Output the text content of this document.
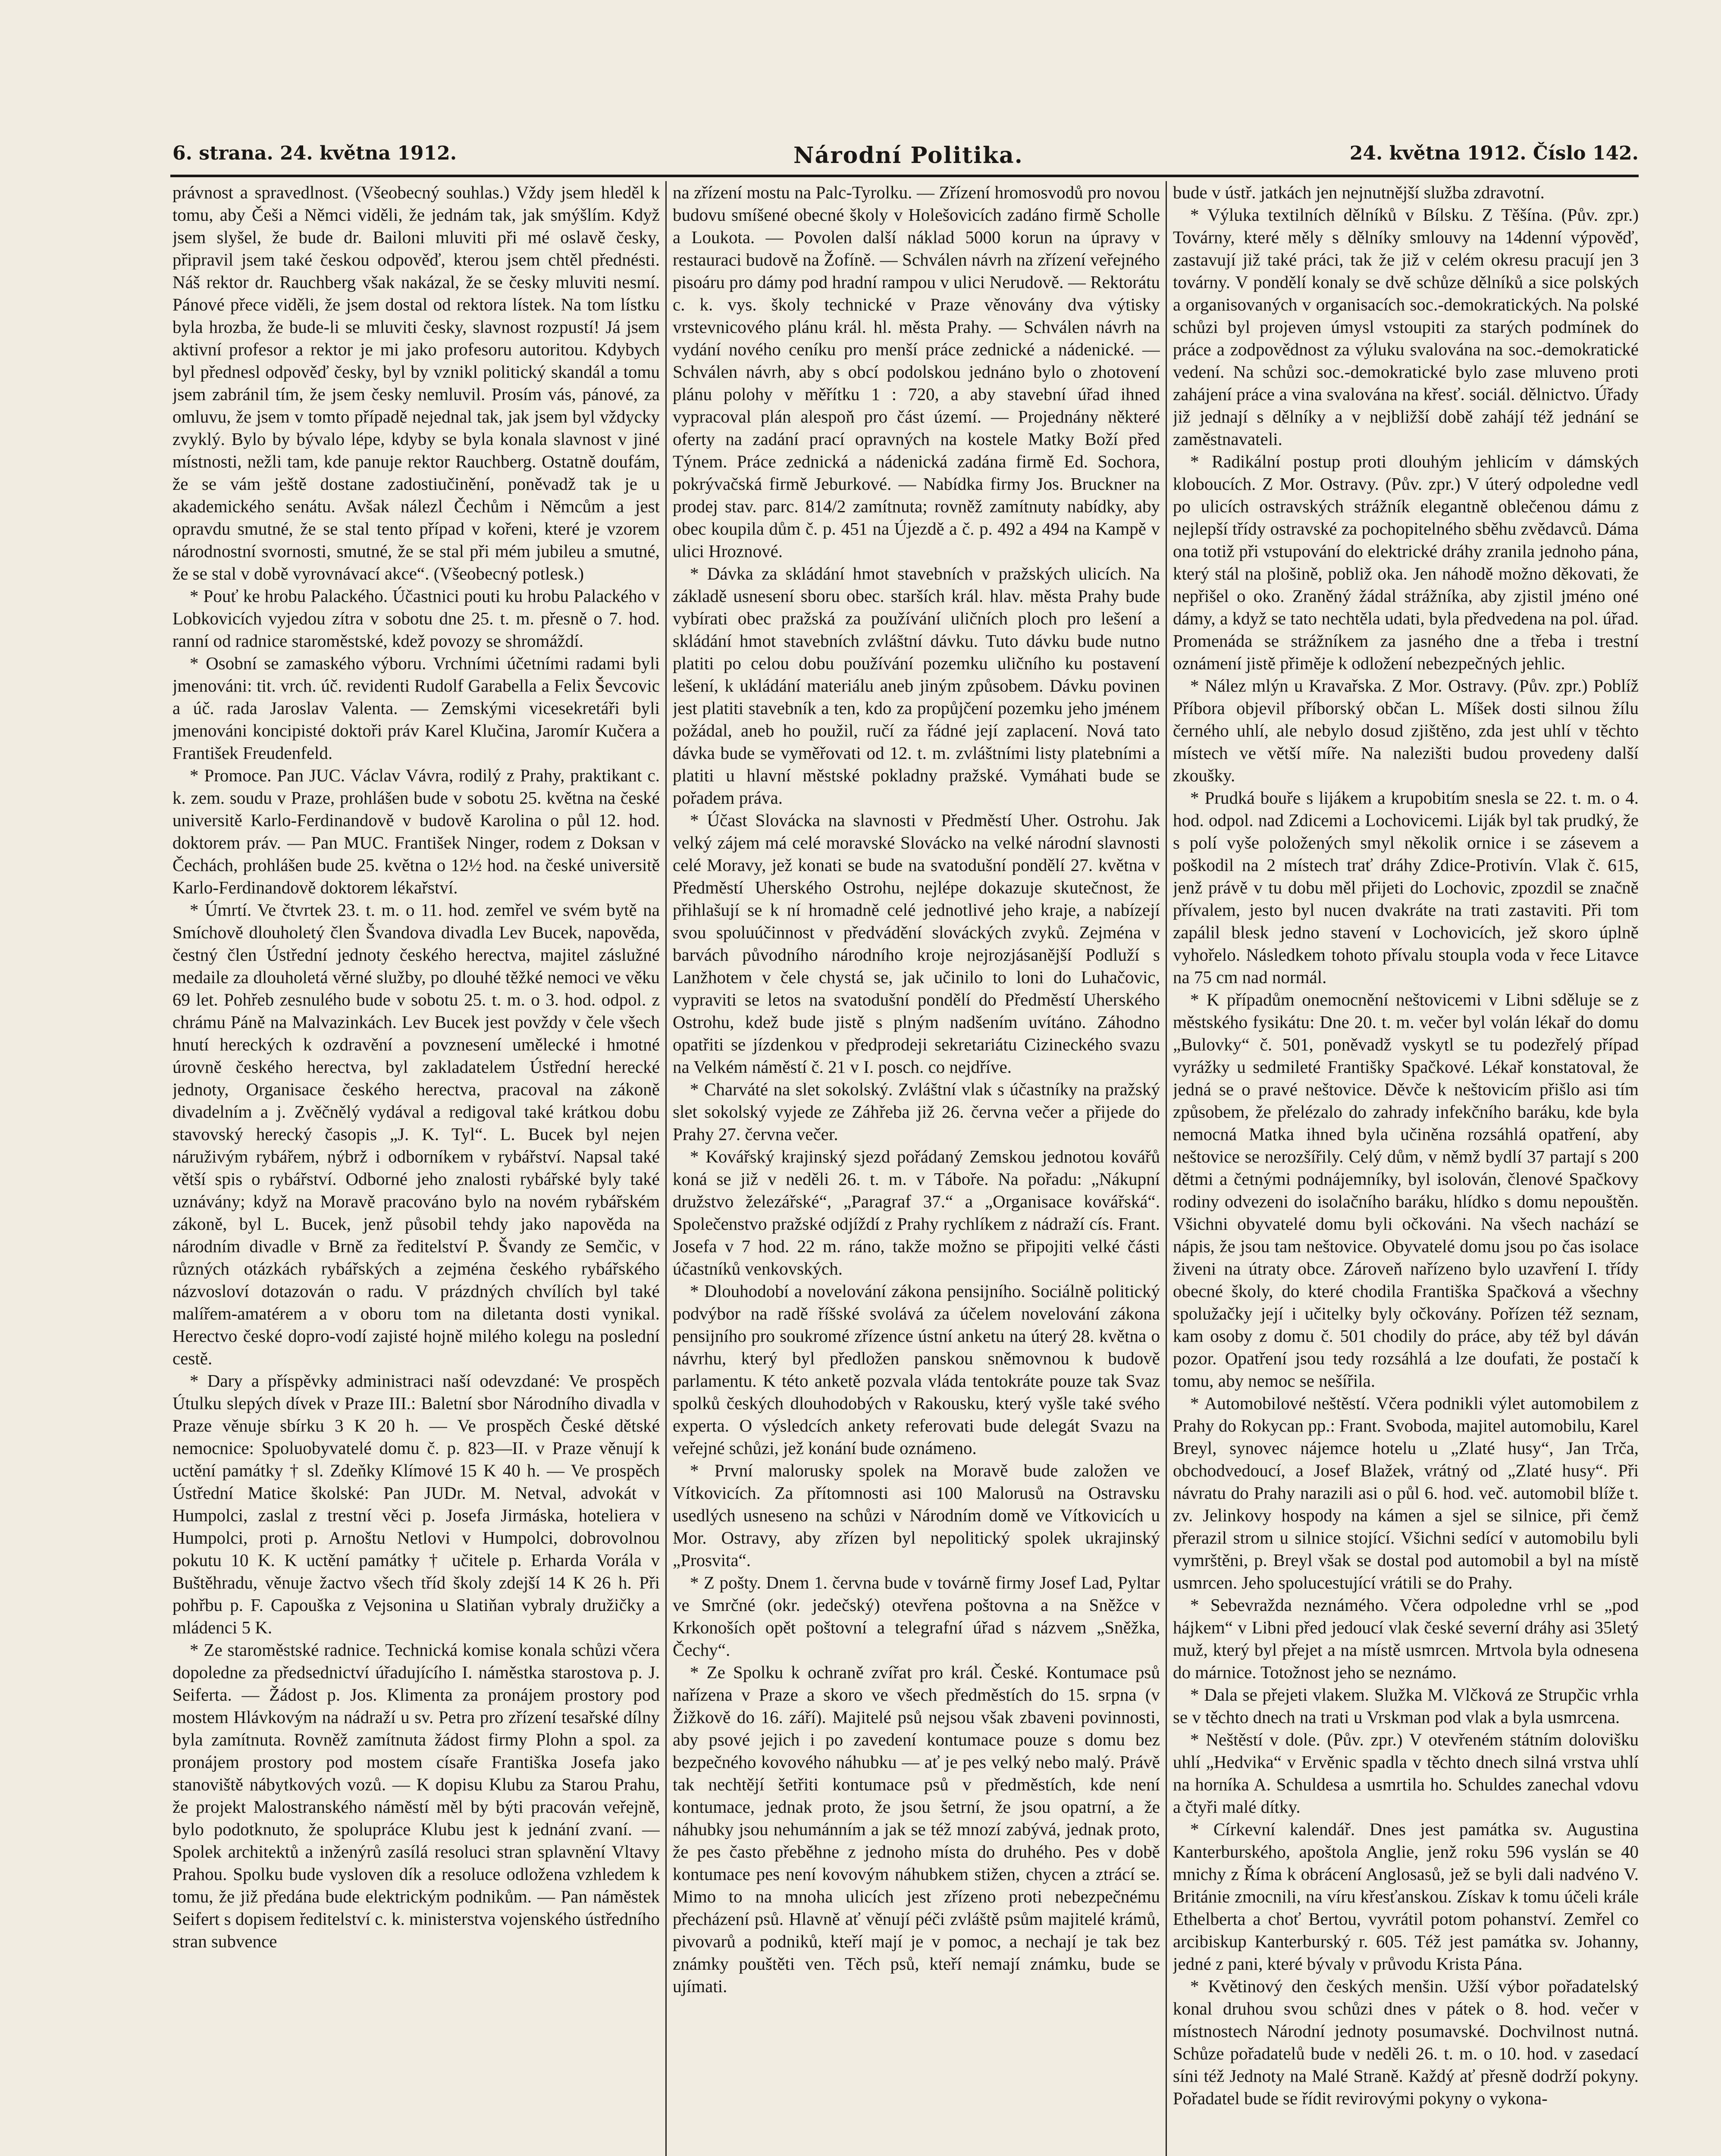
6. strana. 24. května 1912.	Národní Politika.	24. května 1912. Číslo 142.

právnost a spravedlnost. (Všeobecný souhlas.) Vždy jsem hleděl k tomu, aby Češi a Němci viděli, že jednám tak, jak smýšlím. Když jsem slyšel, že bude dr. Bailoni mluviti při mé oslavě česky, připravil jsem také českou odpověď, kterou jsem chtěl přednésti. Náš rektor dr. Rauchberg však nakázal, že se česky mluviti nesmí. Pánové přece viděli, že jsem dostal od rektora lístek. Na tom lístku byla hrozba, že bude-li se mluviti česky, slavnost rozpustí! Já jsem aktivní profesor a rektor je mi jako profesoru autoritou. Kdybych byl přednesl odpověď česky, byl by vznikl politický skandál a tomu jsem zabránil tím, že jsem česky nemluvil. Prosím vás, pánové, za omluvu, že jsem v tomto případě nejednal tak, jak jsem byl vždycky zvyklý. Bylo by bývalo lépe, kdyby se byla konala slavnost v jiné místnosti, nežli tam, kde panuje rektor Rauchberg. Ostatně doufám, že se vám ještě dostane zadostiučinění, poněvadž tak je u akademického senátu. Avšak nálezl Čechům i Němcům a jest opravdu smutné, že se stal tento případ v kořeni, které je vzorem národnostní svornosti, smutné, že se stal při mém jubileu a smutné, že se stal v době vyrovnávací akce“. (Všeobecný potlesk.)

* Pouť ke hrobu Palackého. Účastnici pouti ku hrobu Palackého v Lobkovicích vyjedou zítra v sobotu dne 25. t. m. přesně o 7. hod. ranní od radnice staroměstské, kdež povozy se shromáždí.

* Osobní se zamaského výboru. Vrchními účetními radami byli jmenováni: tit. vrch. úč. revidenti Rudolf Garabella a Felix Ševcovic a úč. rada Jaroslav Valenta. — Zemskými vicesekretáři byli jmenováni koncipisté doktoři práv Karel Klučina, Jaromír Kučera a František Freudenfeld.

* Promoce. Pan JUC. Václav Vávra, rodilý z Prahy, praktikant c. k. zem. soudu v Praze, prohlášen bude v sobotu 25. května na české universitě Karlo-Ferdinandově v budově Karolina o půl 12. hod. doktorem práv. — Pan MUC. František Ninger, rodem z Doksan v Čechách, prohlášen bude 25. května o 12½ hod. na české universitě Karlo-Ferdinandově doktorem lékařství.

* Úmrtí. Ve čtvrtek 23. t. m. o 11. hod. zemřel ve svém bytě na Smíchově dlouholetý člen Švandova divadla Lev Bucek, napověda, čestný člen Ústřední jednoty českého herectva, majitel záslužné medaile za dlouholetá věrné služby, po dlouhé těžké nemoci ve věku 69 let. Pohřeb zesnulého bude v sobotu 25. t. m. o 3. hod. odpol. z chrámu Páně na Malvazinkách. Lev Bucek jest povždy v čele všech hnutí hereckých k ozdravění a povznesení umělecké i hmotné úrovně českého herectva, byl zakladatelem Ústřední herecké jednoty, Organisace českého herectva, pracoval na zákoně divadelním a j. Zvěčnělý vydával a redigoval také krátkou dobu stavovský herecký časopis „J. K. Tyl“. L. Bucek byl nejen náruživým rybářem, nýbrž i odborníkem v rybářství. Napsal také větší spis o rybářství. Odborné jeho znalosti rybářské byly také uznávány; když na Moravě pracováno bylo na novém rybářském zákoně, byl L. Bucek, jenž působil tehdy jako napověda na národním divadle v Brně za ředitelství P. Švandy ze Semčic, v různých otázkách rybářských a zejména českého rybářského názvosloví dotazován o radu. V prázdných chvílích byl také malířem-amatérem a v oboru tom na diletanta dosti vynikal. Herectvo české dopro-vodí zajisté hojně milého kolegu na poslední cestě.

* Dary a příspěvky administraci naší odevzdané: Ve prospěch Útulku slepých dívek v Praze III.: Baletní sbor Národního divadla v Praze věnuje sbírku 3 K 20 h. — Ve prospěch České dětské nemocnice: Spoluobyvatelé domu č. p. 823—II. v Praze věnují k uctění památky † sl. Zdeňky Klímové 15 K 40 h. — Ve prospěch Ústřední Matice školské: Pan JUDr. M. Netval, advokát v Humpolci, zaslal z trestní věci p. Josefa Jirmáska, hoteliera v Humpolci, proti p. Arnoštu Netlovi v Humpolci, dobrovolnou pokutu 10 K. K uctění památky † učitele p. Erharda Vorála v Buštěhradu, věnuje žactvo všech tříd školy zdejší 14 K 26 h. Při pohřbu p. F. Capouška z Vejsonina u Slatiňan vybraly družičky a mládenci 5 K.

* Ze staroměstské radnice. Technická komise konala schůzi včera dopoledne za předsednictví úřadujícího I. náměstka starostova p. J. Seiferta. — Žádost p. Jos. Klimenta za pronájem prostory pod mostem Hlávkovým na nádraží u sv. Petra pro zřízení tesařské dílny byla zamítnuta. Rovněž zamítnuta žádost firmy Plohn a spol. za pronájem prostory pod mostem císaře Františka Josefa jako stanoviště nábytkových vozů. — K dopisu Klubu za Starou Prahu, že projekt Malostranského náměstí měl by býti pracován veřejně, bylo podotknuto, že spolupráce Klubu jest k jednání zvaní. — Spolek architektů a inženýrů zasílá resoluci stran splavnění Vltavy Prahou. Spolku bude vysloven dík a resoluce odložena vzhledem k tomu, že již předána bude elektrickým podnikům. — Pan náměstek Seifert s dopisem ředitelství c. k. ministerstva vojenského ústředního stran subvence

na zřízení mostu na Palc-Tyrolku. — Zřízení hromosvodů pro novou budovu smíšené obecné školy v Holešovicích zadáno firmě Scholle a Loukota. — Povolen další náklad 5000 korun na úpravy v restauraci budově na Žofíně. — Schválen návrh na zřízení veřejného pisoáru pro dámy pod hradní rampou v ulici Nerudově. — Rektorátu c. k. vys. školy technické v Praze věnovány dva výtisky vrstevnicového plánu král. hl. města Prahy. — Schválen návrh na vydání nového ceníku pro menší práce zednické a nádenické. — Schválen návrh, aby s obcí podolskou jednáno bylo o zhotovení plánu polohy v měřítku 1 : 720, a aby stavební úřad ihned vypracoval plán alespoň pro část území. — Projednány některé oferty na zadání prací opravných na kostele Matky Boží před Týnem. Práce zednická a nádenická zadána firmě Ed. Sochora, pokrývačská firmě Jeburkové. — Nabídka firmy Jos. Bruckner na prodej stav. parc. 814/2 zamítnuta; rovněž zamítnuty nabídky, aby obec koupila dům č. p. 451 na Újezdě a č. p. 492 a 494 na Kampě v ulici Hroznové.

* Dávka za skládání hmot stavebních v pražských ulicích. Na základě usnesení sboru obec. starších král. hlav. města Prahy bude vybírati obec pražská za používání uličních ploch pro lešení a skládání hmot stavebních zvláštní dávku. Tuto dávku bude nutno platiti po celou dobu používání pozemku uličního ku postavení lešení, k ukládání materiálu aneb jiným způsobem. Dávku povinen jest platiti stavebník a ten, kdo za propůjčení pozemku jeho jménem požádal, aneb ho použil, ručí za řádné její zaplacení. Nová tato dávka bude se vyměřovati od 12. t. m. zvláštními listy platebními a platiti u hlavní městské pokladny pražské. Vymáhati bude se pořadem práva.

* Účast Slovácka na slavnosti v Předměstí Uher. Ostrohu. Jak velký zájem má celé moravské Slovácko na velké národní slavnosti celé Moravy, jež konati se bude na svatodušní pondělí 27. května v Předměstí Uherského Ostrohu, nejlépe dokazuje skutečnost, že přihlašují se k ní hromadně celé jednotlivé jeho kraje, a nabízejí svou spoluúčinnost v předvádění slováckých zvyků. Zejména v barvách původního národního kroje nejrozjásanější Podluží s Lanžhotem v čele chystá se, jak učinilo to loni do Luhačovic, vypraviti se letos na svatodušní pondělí do Předměstí Uherského Ostrohu, kdež bude jistě s plným nadšením uvítáno. Záhodno opatřiti se jízdenkou v předprodeji sekretariátu Cizineckého svazu na Velkém náměstí č. 21 v I. posch. co nejdříve.

* Charváté na slet sokolský. Zvláštní vlak s účastníky na pražský slet sokolský vyjede ze Záhřeba již 26. června večer a přijede do Prahy 27. června večer.

* Kovářský krajinský sjezd pořádaný Zemskou jednotou kovářů koná se již v neděli 26. t. m. v Táboře. Na pořadu: „Nákupní družstvo železářské“, „Paragraf 37.“ a „Organisace kovářská“. Společenstvo pražské odjíždí z Prahy rychlíkem z nádraží cís. Frant. Josefa v 7 hod. 22 m. ráno, takže možno se připojiti velké části účastníků venkovských.

* Dlouhodobí a novelování zákona pensijního. Sociálně politický podvýbor na radě říšské svolává za účelem novelování zákona pensijního pro soukromé zřízence ústní anketu na úterý 28. května o návrhu, který byl předložen panskou sněmovnou k budově parlamentu. K této anketě pozvala vláda tentokráte pouze tak Svaz spolků českých dlouhodobých v Rakousku, který vyšle také svého experta. O výsledcích ankety referovati bude delegát Svazu na veřejné schůzi, jež konání bude oznámeno.

* První malorusky spolek na Moravě bude založen ve Vítkovicích. Za přítomnosti asi 100 Malorusů na Ostravsku usedlých usneseno na schůzi v Národním domě ve Vítkovicích u Mor. Ostravy, aby zřízen byl nepolitický spolek ukrajinský „Prosvita“.

* Z pošty. Dnem 1. června bude v továrně firmy Josef Lad, Pyltar ve Smrčné (okr. jedečský) otevřena poštovna a na Sněžce v Krkonoších opět poštovní a telegrafní úřad s názvem „Sněžka, Čechy“.

* Ze Spolku k ochraně zvířat pro král. České. Kontumace psů nařízena v Praze a skoro ve všech předměstích do 15. srpna (v Žižkově do 16. září). Majitelé psů nejsou však zbaveni povinnosti, aby psové jejich i po zavedení kontumace pouze s domu bez bezpečného kovového náhubku — ať je pes velký nebo malý. Právě tak nechtějí šetřiti kontumace psů v předměstích, kde není kontumace, jednak proto, že jsou šetrní, že jsou opatrní, a že náhubky jsou nehumánním a jak se též mnozí zabývá, jednak proto, že pes často přeběhne z jednoho místa do druhého. Pes v době kontumace pes není kovovým náhubkem stižen, chycen a ztrácí se. Mimo to na mnoha ulicích jest zřízeno proti nebezpečnému přecházení psů. Hlavně ať věnují péči zvláště psům majitelé krámů, pivovarů a podniků, kteří mají je v pomoc, a nechají je tak bez známky pouštěti ven. Těch psů, kteří nemají známku, bude se ujímati.

bude v ústř. jatkách jen nejnutnější služba zdravotní.

* Výluka textilních dělníků v Bílsku. Z Těšína. (Pův. zpr.) Továrny, které měly s dělníky smlouvy na 14denní výpověď, zastavují již také práci, tak že již v celém okresu pracují jen 3 továrny. V pondělí konaly se dvě schůze dělníků a sice polských a organisovaných v organisacích soc.-demokratických. Na polské schůzi byl projeven úmysl vstoupiti za starých podmínek do práce a zodpovědnost za výluku svalována na soc.-demokratické vedení. Na schůzi soc.-demokratické bylo zase mluveno proti zahájení práce a vina svalována na křesť. sociál. dělnictvo. Úřady již jednají s dělníky a v nejbližší době zahájí též jednání se zaměstnavateli.

* Radikální postup proti dlouhým jehlicím v dámských kloboucích. Z Mor. Ostravy. (Pův. zpr.) V úterý odpoledne vedl po ulicích ostravských strážník elegantně oblečenou dámu z nejlepší třídy ostravské za pochopitelného sběhu zvědavců. Dáma ona totiž při vstupování do elektrické dráhy zranila jednoho pána, který stál na plošině, pobliž oka. Jen náhodě možno děkovati, že nepřišel o oko. Zraněný žádal strážníka, aby zjistil jméno oné dámy, a když se tato nechtěla udati, byla předvedena na pol. úřad. Promenáda se strážníkem za jasného dne a třeba i trestní oznámení jistě přiměje k odložení nebezpečných jehlic.

* Nález mlýn u Kravařska. Z Mor. Ostravy. (Pův. zpr.) Poblíž Příbora objevil příborský občan L. Míšek dosti silnou žílu černého uhlí, ale nebylo dosud zjištěno, zda jest uhlí v těchto místech ve větší míře. Na nalezišti budou provedeny další zkoušky.

* Prudká bouře s lijákem a krupobitím snesla se 22. t. m. o 4. hod. odpol. nad Zdicemi a Lochovicemi. Liják byl tak prudký, že s polí vyše položených smyl několik ornice i se zásevem a poškodil na 2 místech trať dráhy Zdice-Protivín. Vlak č. 615, jenž právě v tu dobu měl přijeti do Lochovic, zpozdil se značně přívalem, jesto byl nucen dvakráte na trati zastaviti. Při tom zapálil blesk jedno stavení v Lochovicích, jež skoro úplně vyhořelo. Následkem tohoto přívalu stoupla voda v řece Litavce na 75 cm nad normál.

* K případům onemocnění neštovicemi v Libni sděluje se z městského fysikátu: Dne 20. t. m. večer byl volán lékař do domu „Bulovky“ č. 501, poněvadž vyskytl se tu podezřelý případ vyrážky u sedmileté Františky Spačkové. Lékař konstatoval, že jedná se o pravé neštovice. Děvče k neštovicím přišlo asi tím způsobem, že přelézalo do zahrady infekčního baráku, kde byla nemocná Matka ihned byla učiněna rozsáhlá opatření, aby neštovice se nerozšířily. Celý dům, v němž bydlí 37 partají s 200 dětmi a četnými podnájemníky, byl isolován, členové Spačkovy rodiny odvezeni do isolačního baráku, hlídko s domu nepouštěn. Všichni obyvatelé domu byli očkováni. Na všech nachází se nápis, že jsou tam neštovice. Obyvatelé domu jsou po čas isolace živeni na útraty obce. Zároveň nařízeno bylo uzavření I. třídy obecné školy, do které chodila Františka Spačková a všechny spolužačky její i učitelky byly očkovány. Pořízen též seznam, kam osoby z domu č. 501 chodily do práce, aby též byl dáván pozor. Opatření jsou tedy rozsáhlá a lze doufati, že postačí k tomu, aby nemoc se nešířila.

* Automobilové neštěstí. Včera podnikli výlet automobilem z Prahy do Rokycan pp.: Frant. Svoboda, majitel automobilu, Karel Breyl, synovec nájemce hotelu u „Zlaté husy“, Jan Trča, obchodvedoucí, a Josef Blažek, vrátný od „Zlaté husy“. Při návratu do Prahy narazili asi o půl 6. hod. več. automobil blíže t. zv. Jelinkovy hospody na kámen a sjel se silnice, při čemž přerazil strom u silnice stojící. Všichni sedící v automobilu byli vymrštěni, p. Breyl však se dostal pod automobil a byl na místě usmrcen. Jeho spolucestující vrátili se do Prahy.

* Sebevražda neznámého. Včera odpoledne vrhl se „pod hájkem“ v Libni před jedoucí vlak české severní dráhy asi 35letý muž, který byl přejet a na místě usmrcen. Mrtvola byla odnesena do márnice. Totožnost jeho se neznámo.

* Dala se přejeti vlakem. Služka M. Vlčková ze Strupčic vrhla se v těchto dnech na trati u Vrskman pod vlak a byla usmrcena.

* Neštěstí v dole. (Pův. zpr.) V otevřeném státním dolovišku uhlí „Hedvika“ v Ervěnic spadla v těchto dnech silná vrstva uhlí na horníka A. Schuldesa a usmrtila ho. Schuldes zanechal vdovu a čtyři malé dítky.

* Církevní kalendář. Dnes jest památka sv. Augustina Kanterburského, apoštola Anglie, jenž roku 596 vyslán se 40 mnichy z Říma k obrácení Anglosasů, jež se byli dali nadvéno V. Británie zmocnili, na víru křesťanskou. Získav k tomu účeli krále Ethelberta a choť Bertou, vyvrátil potom pohanství. Zemřel co arcibiskup Kanterburský r. 605. Též jest památka sv. Johanny, jedné z pani, které bývaly v průvodu Krista Pána.

* Květinový den českých menšin. Užší výbor pořadatelský konal druhou svou schůzi dnes v pátek o 8. hod. večer v místnostech Národní jednoty posumavské. Dochvilnost nutná. Schůze pořadatelů bude v neděli 26. t. m. o 10. hod. v zasedací síni též Jednoty na Malé Straně. Každý ať přesně dodrží pokyny. Pořadatel bude se řídit revirovými pokyny o vykona-
